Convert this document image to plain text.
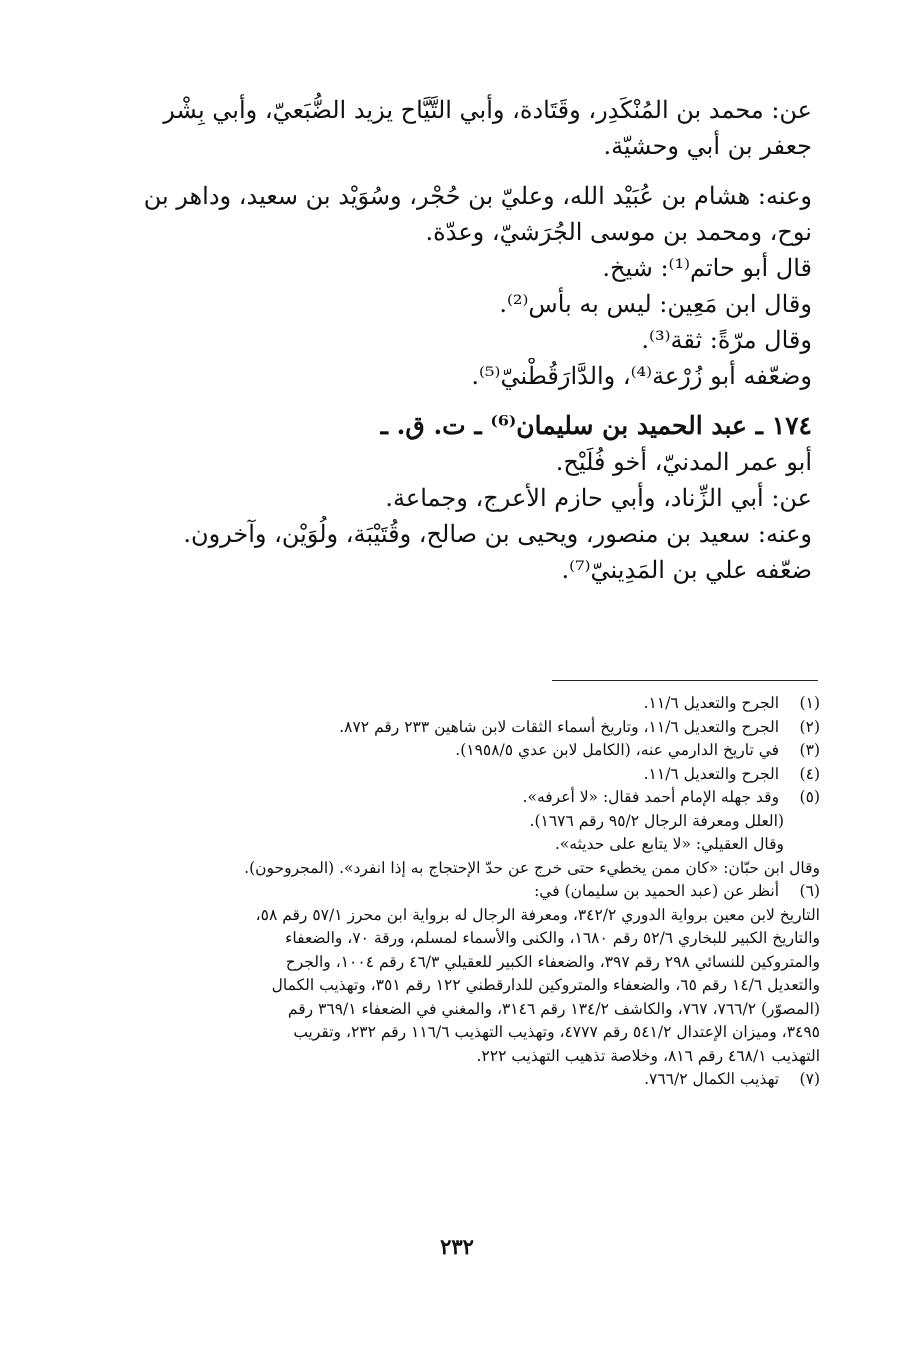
عن: محمد بن المُنْكَدِر، وقَتَادة، وأبي التَّيَّاح يزيد الضُّبَعيّ، وأبي بِشْر

جعفر بن أبي وحشيّة.

وعنه: هشام بن عُبَيْد الله، وعليّ بن حُجْر، وسُوَيْد بن سعيد، وداهر بن

نوح، ومحمد بن موسى الجُرَشيّ، وعدّة.

قال أبو حاتم⁽¹⁾: شيخ.

وقال ابن مَعِين: ليس به بأس⁽²⁾.

وقال مرّةً: ثقة⁽³⁾.

وضعّفه أبو زُرْعة⁽⁴⁾، والدَّارَقُطْنيّ⁽⁵⁾.

١٧٤ ـ عبد الحميد بن سليمان⁽⁶⁾ ـ ت. ق. ـ

أبو عمر المدنيّ، أخو فُلَيْح.

عن: أبي الزِّناد، وأبي حازم الأعرج، وجماعة.

وعنه: سعيد بن منصور، ويحيى بن صالح، وقُتَيْبَة، ولُوَيْن، وآخرون.

ضعّفه علي بن المَدِينيّ⁽⁷⁾.

(١) الجرح والتعديل ١١/٦.

(٢) الجرح والتعديل ١١/٦، وتاريخ أسماء الثقات لابن شاهين ٢٣٣ رقم ٨٧٢.

(٣) في تاريخ الدارمي عنه، (الكامل لابن عدي ١٩٥٨/٥).

(٤) الجرح والتعديل ١١/٦.

(٥) وقد جهله الإمام أحمد فقال: «لا أعرفه».

(العلل ومعرفة الرجال ٩٥/٢ رقم ١٦٧٦).

وقال العقيلي: «لا يتابع على حديثه».

وقال ابن حبّان: «كان ممن يخطيء حتى خرج عن حدّ الإحتجاج به إذا انفرد». (المجروحون).

(٦) أنظر عن (عبد الحميد بن سليمان) في:

التاريخ لابن معين برواية الدوري ٣٤٢/٢، ومعرفة الرجال له برواية ابن محرز ٥٧/١ رقم ٥٨،

والتاريخ الكبير للبخاري ٥٢/٦ رقم ١٦٨٠، والكنى والأسماء لمسلم، ورقة ٧٠، والضعفاء

والمتروكين للنسائي ٢٩٨ رقم ٣٩٧، والضعفاء الكبير للعقيلي ٤٦/٣ رقم ١٠٠٤، والجرح

والتعديل ١٤/٦ رقم ٦٥، والضعفاء والمتروكين للدارقطني ١٢٢ رقم ٣٥١، وتهذيب الكمال

(المصوّر) ٧٦٦/٢، ٧٦٧، والكاشف ١٣٤/٢ رقم ٣١٤٦، والمغني في الضعفاء ٣٦٩/١ رقم

٣٤٩٥، وميزان الإعتدال ٥٤١/٢ رقم ٤٧٧٧، وتهذيب التهذيب ١١٦/٦ رقم ٢٣٢، وتقريب

التهذيب ٤٦٨/١ رقم ٨١٦، وخلاصة تذهيب التهذيب ٢٢٢.

(٧) تهذيب الكمال ٧٦٦/٢.

٢٣٢
